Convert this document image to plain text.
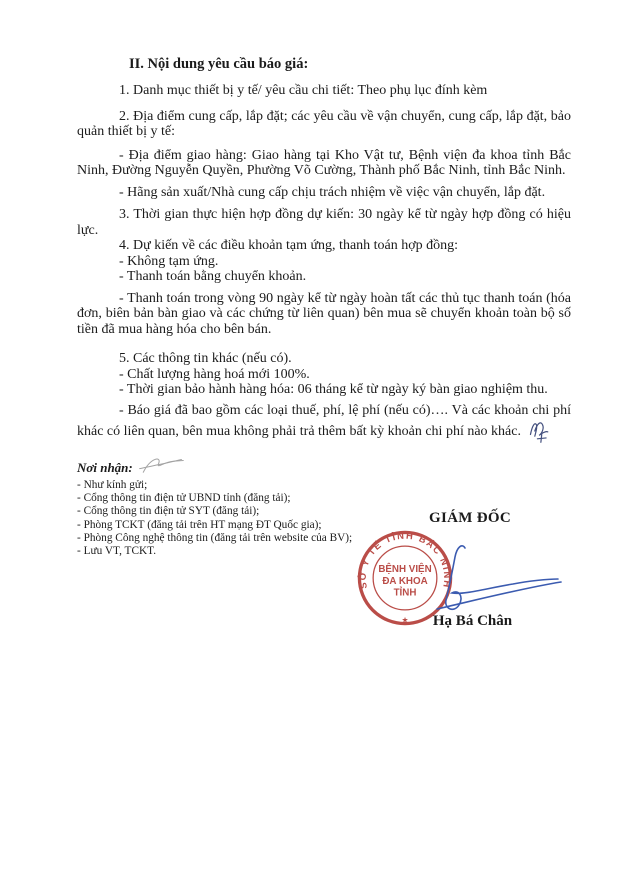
II. Nội dung yêu cầu báo giá:

1. Danh mục thiết bị y tế/ yêu cầu chi tiết: Theo phụ lục đính kèm

2. Địa điểm cung cấp, lắp đặt; các yêu cầu về vận chuyển, cung cấp, lắp đặt, bảo quản thiết bị y tế:

- Địa điểm giao hàng: Giao hàng tại Kho Vật tư, Bệnh viện đa khoa tỉnh Bắc Ninh, Đường Nguyễn Quyền, Phường Võ Cường, Thành phố Bắc Ninh, tỉnh Bắc Ninh.

- Hãng sản xuất/Nhà cung cấp chịu trách nhiệm về việc vận chuyển, lắp đặt.

3. Thời gian thực hiện hợp đồng dự kiến: 30 ngày kể từ ngày hợp đồng có hiệu lực.

4. Dự kiến về các điều khoản tạm ứng, thanh toán hợp đồng:

- Không tạm ứng.

- Thanh toán bằng chuyển khoản.

- Thanh toán trong vòng 90 ngày kể từ ngày hoàn tất các thủ tục thanh toán (hóa đơn, biên bản bàn giao và các chứng từ liên quan) bên mua sẽ chuyển khoản toàn bộ số tiền đã mua hàng hóa cho bên bán.

5. Các thông tin khác (nếu có).

- Chất lượng hàng hoá mới 100%.

- Thời gian bảo hành hàng hóa: 06 tháng kể từ ngày ký bàn giao nghiệm thu.

- Báo giá đã bao gồm các loại thuế, phí, lệ phí (nếu có)…. Và các khoản chi phí khác có liên quan, bên mua không phải trả thêm bất kỳ khoản chi phí nào khác.

Nơi nhận:
- Như kính gửi;
- Cổng thông tin điện tử UBND tỉnh (đăng tải);
- Cổng thông tin điện tử SYT (đăng tải);
- Phòng TCKT (đăng tải trên HT mạng ĐT Quốc gia);
- Phòng Công nghệ thông tin (đăng tải trên website của BV);
- Lưu VT, TCKT.
GIÁM ĐỐC
SỞ Y TẾ TỈNH BẮC NINH
BỆNH VIỆN
ĐA KHOA
TỈNH
★	Hạ Bá Chân
